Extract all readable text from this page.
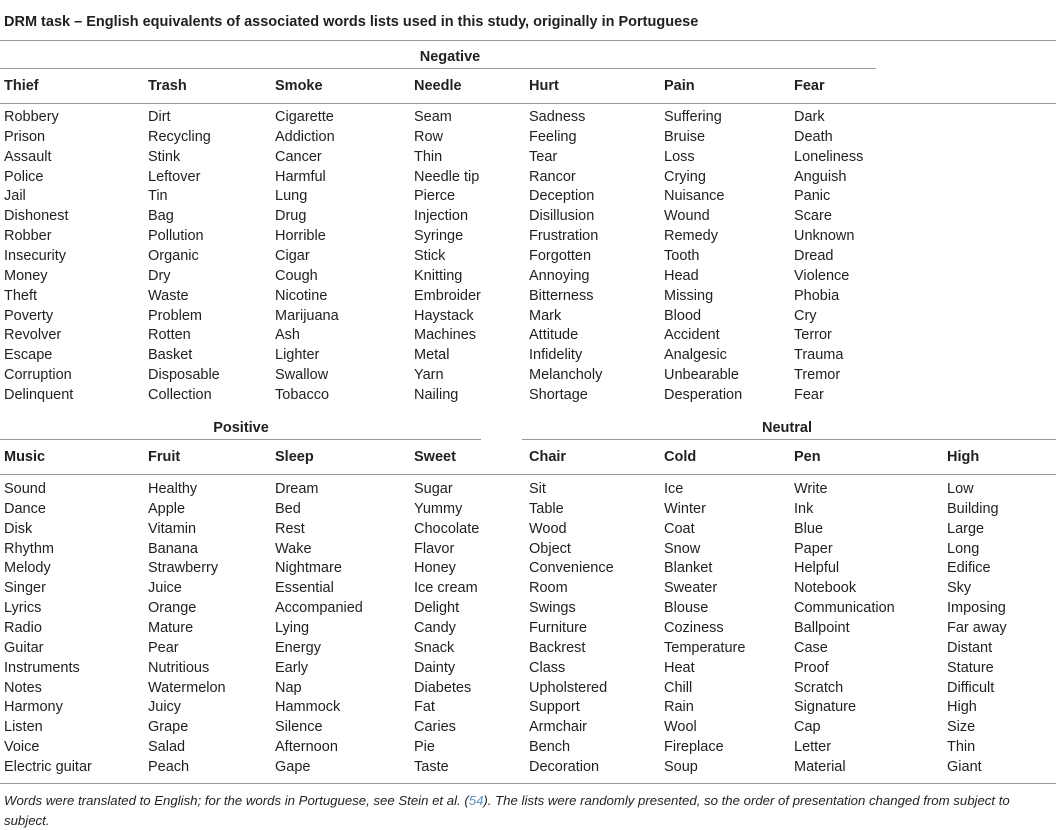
DRM task – English equivalents of associated words lists used in this study, originally in Portuguese
Negative
Thief
Robbery
Prison
Assault
Police
Jail
Dishonest
Robber
Insecurity
Money
Theft
Poverty
Revolver
Escape
Corruption
Delinquent
Trash
Dirt
Recycling
Stink
Leftover
Tin
Bag
Pollution
Organic
Dry
Waste
Problem
Rotten
Basket
Disposable
Collection
Smoke
Cigarette
Addiction
Cancer
Harmful
Lung
Drug
Horrible
Cigar
Cough
Nicotine
Marijuana
Ash
Lighter
Swallow
Tobacco
Needle
Seam
Row
Thin
Needle tip
Pierce
Injection
Syringe
Stick
Knitting
Embroider
Haystack
Machines
Metal
Yarn
Nailing
Hurt
Sadness
Feeling
Tear
Rancor
Deception
Disillusion
Frustration
Forgotten
Annoying
Bitterness
Mark
Attitude
Infidelity
Melancholy
Shortage
Pain
Suffering
Bruise
Loss
Crying
Nuisance
Wound
Remedy
Tooth
Head
Missing
Blood
Accident
Analgesic
Unbearable
Desperation
Fear
Dark
Death
Loneliness
Anguish
Panic
Scare
Unknown
Dread
Violence
Phobia
Cry
Terror
Trauma
Tremor
Fear
Positive	Neutral
Music
Sound
Dance
Disk
Rhythm
Melody
Singer
Lyrics
Radio
Guitar
Instruments
Notes
Harmony
Listen
Voice
Electric guitar
Fruit
Healthy
Apple
Vitamin
Banana
Strawberry
Juice
Orange
Mature
Pear
Nutritious
Watermelon
Juicy
Grape
Salad
Peach
Sleep
Dream
Bed
Rest
Wake
Nightmare
Essential
Accompanied
Lying
Energy
Early
Nap
Hammock
Silence
Afternoon
Gape
Sweet
Sugar
Yummy
Chocolate
Flavor
Honey
Ice cream
Delight
Candy
Snack
Dainty
Diabetes
Fat
Caries
Pie
Taste
Chair
Sit
Table
Wood
Object
Convenience
Room
Swings
Furniture
Backrest
Class
Upholstered
Support
Armchair
Bench
Decoration
Cold
Ice
Winter
Coat
Snow
Blanket
Sweater
Blouse
Coziness
Temperature
Heat
Chill
Rain
Wool
Fireplace
Soup
Pen
Write
Ink
Blue
Paper
Helpful
Notebook
Communication
Ballpoint
Case
Proof
Scratch
Signature
Cap
Letter
Material
High
Low
Building
Large
Long
Edifice
Sky
Imposing
Far away
Distant
Stature
Difficult
High
Size
Thin
Giant
Words were translated to English; for the words in Portuguese, see Stein et al. (54). The lists were randomly presented, so the order of presentation changed from subject to subject.
